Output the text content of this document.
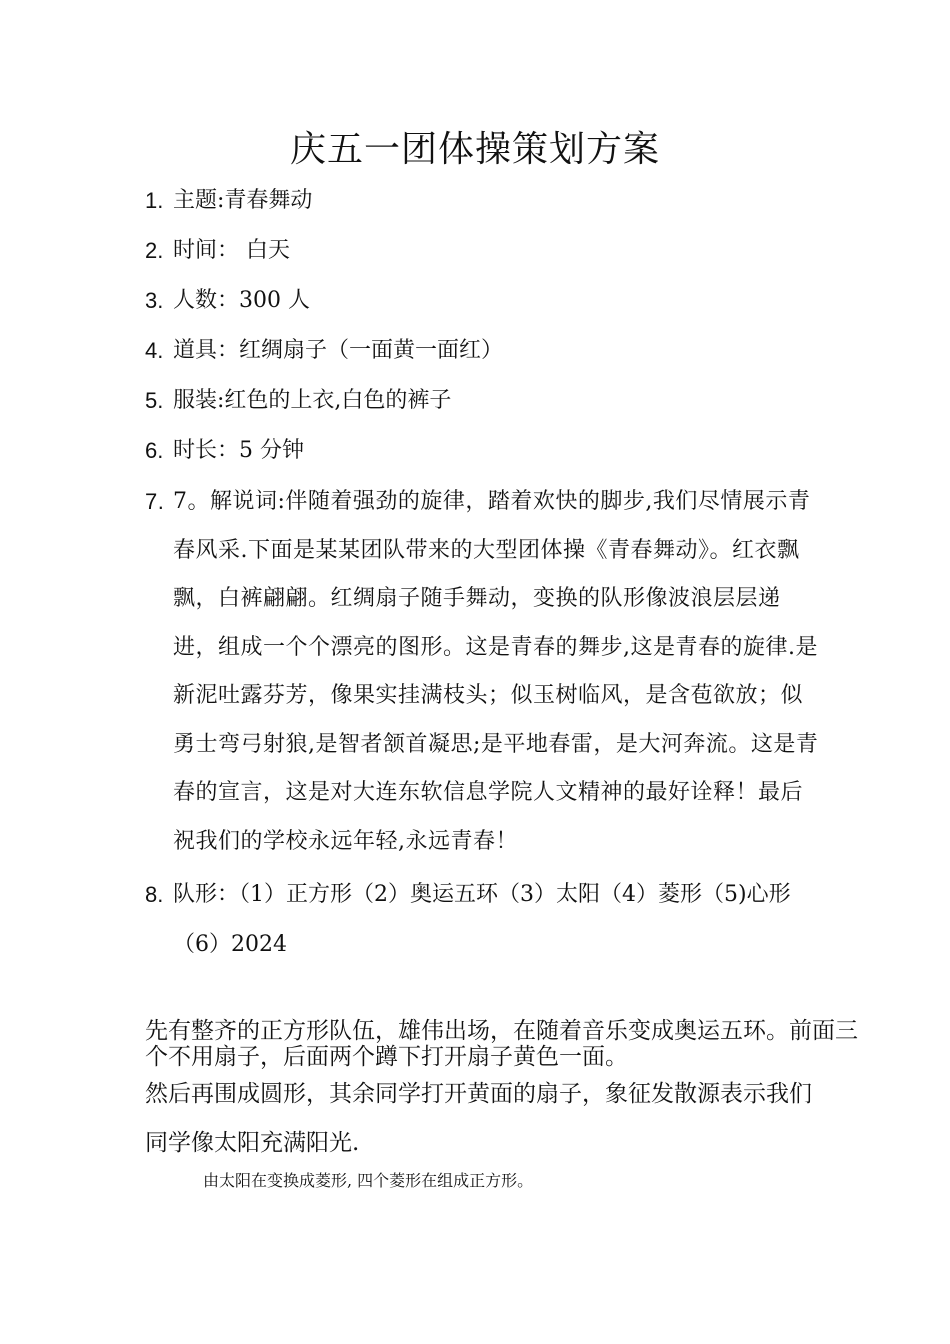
庆五一团体操策划方案
1. 主题:青春舞动
2. 时间： 白天
3. 人数：300 人
4. 道具：红绸扇子（一面黄一面红）
5. 服装:红色的上衣,白色的裤子
6. 时长：5 分钟
7. 7。解说词:伴随着强劲的旋律，踏着欢快的脚步,我们尽情展示青春风采.下面是某某团队带来的大型团体操《青春舞动》。红衣飘飘，白裤翩翩。红绸扇子随手舞动，变换的队形像波浪层层递进，组成一个个漂亮的图形。这是青春的舞步,这是青春的旋律.是新泥吐露芬芳，像果实挂满枝头；似玉树临风，是含苞欲放；似勇士弯弓射狼,是智者颔首凝思;是平地春雷，是大河奔流。这是青春的宣言，这是对大连东软信息学院人文精神的最好诠释！最后祝我们的学校永远年轻,永远青春！
8. 队形：（1）正方形（2）奥运五环（3）太阳（4）菱形（5)心形（6）2024
先有整齐的正方形队伍，雄伟出场，在随着音乐变成奥运五环。前面三个不用扇子，后面两个蹲下打开扇子黄色一面。
然后再围成圆形，其余同学打开黄面的扇子，象征发散源表示我们同学像太阳充满阳光.
由太阳在变换成菱形, 四个菱形在组成正方形。
